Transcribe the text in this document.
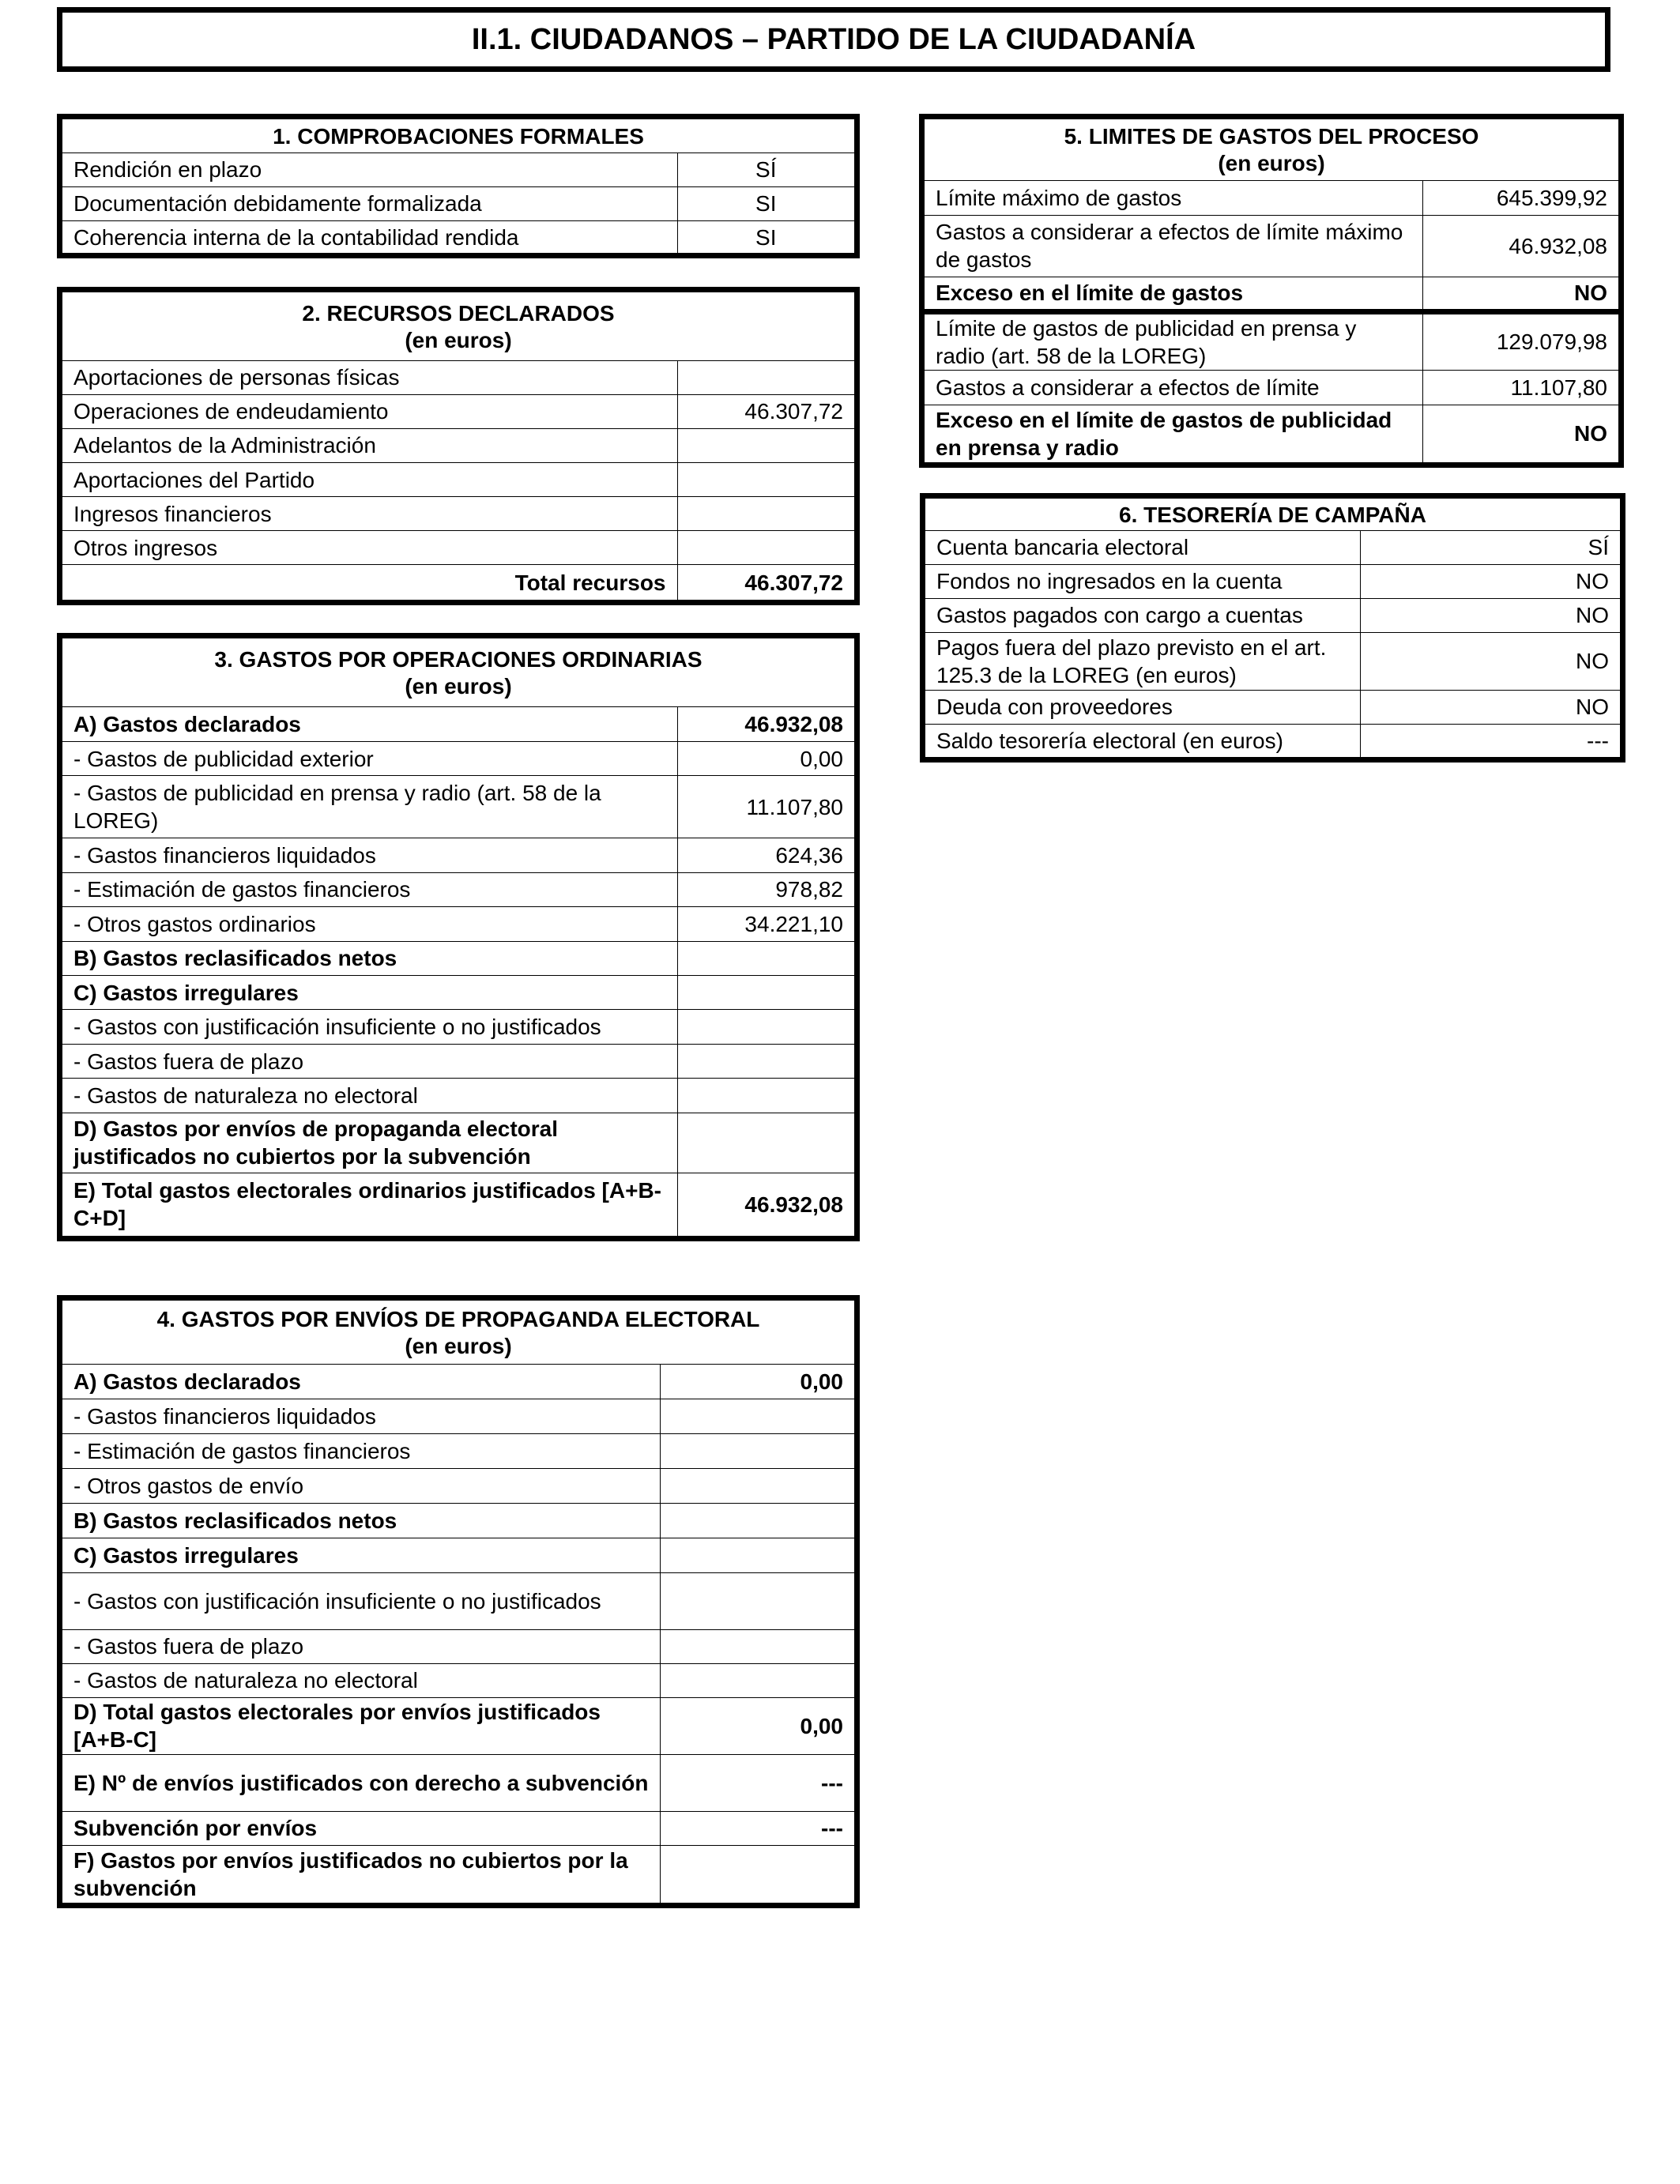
II.1. CIUDADANOS – PARTIDO DE LA CIUDADANÍA
1. COMPROBACIONES FORMALES	
Rendición en plazo	SÍ
Documentación debidamente formalizada	SI
Coherencia interna de la contabilidad rendida	SI
2. RECURSOS DECLARADOS
(en euros)	
Aportaciones de personas físicas	
Operaciones de endeudamiento	46.307,72
Adelantos de la Administración	
Aportaciones del Partido	
Ingresos financieros	
Otros ingresos	
Total recursos	46.307,72
3. GASTOS POR OPERACIONES ORDINARIAS
(en euros)	
A) Gastos declarados	46.932,08
- Gastos de publicidad exterior	0,00
- Gastos de publicidad en prensa y radio (art. 58 de la LOREG)	11.107,80
- Gastos financieros liquidados	624,36
- Estimación de gastos financieros	978,82
- Otros gastos ordinarios	34.221,10
B) Gastos reclasificados netos	
C) Gastos irregulares	
- Gastos con justificación insuficiente o no justificados	
- Gastos fuera de plazo	
- Gastos de naturaleza no electoral	
D) Gastos por envíos de propaganda electoral justificados no cubiertos por la subvención	
E) Total gastos electorales ordinarios justificados [A+B-C+D]	46.932,08
4. GASTOS POR ENVÍOS DE PROPAGANDA ELECTORAL
(en euros)	
A) Gastos declarados	0,00
- Gastos financieros liquidados	
- Estimación de gastos financieros	
- Otros gastos de envío	
B) Gastos reclasificados netos	
C) Gastos irregulares	
- Gastos con justificación insuficiente o no justificados	
- Gastos fuera de plazo	
- Gastos de naturaleza no electoral	
D) Total gastos electorales por envíos justificados [A+B-C]	0,00
E) Nº de envíos justificados con derecho a subvención	---
Subvención por envíos	---
F) Gastos por envíos justificados no cubiertos por la subvención	
5. LIMITES DE GASTOS DEL PROCESO
(en euros)	
Límite máximo de gastos	645.399,92
Gastos a considerar a efectos de límite máximo de gastos	46.932,08
Exceso en el límite de gastos	NO
Límite de gastos de publicidad en prensa y radio (art. 58 de la LOREG)	129.079,98
Gastos a considerar a efectos de límite	11.107,80
Exceso en el límite de gastos de publicidad en prensa y radio	NO
6. TESORERÍA DE CAMPAÑA	
Cuenta bancaria electoral	SÍ
Fondos no ingresados en la cuenta	NO
Gastos pagados con cargo a cuentas	NO
Pagos fuera del plazo previsto en el art. 125.3 de la LOREG (en euros)	NO
Deuda con proveedores	NO
Saldo tesorería electoral (en euros)	---
